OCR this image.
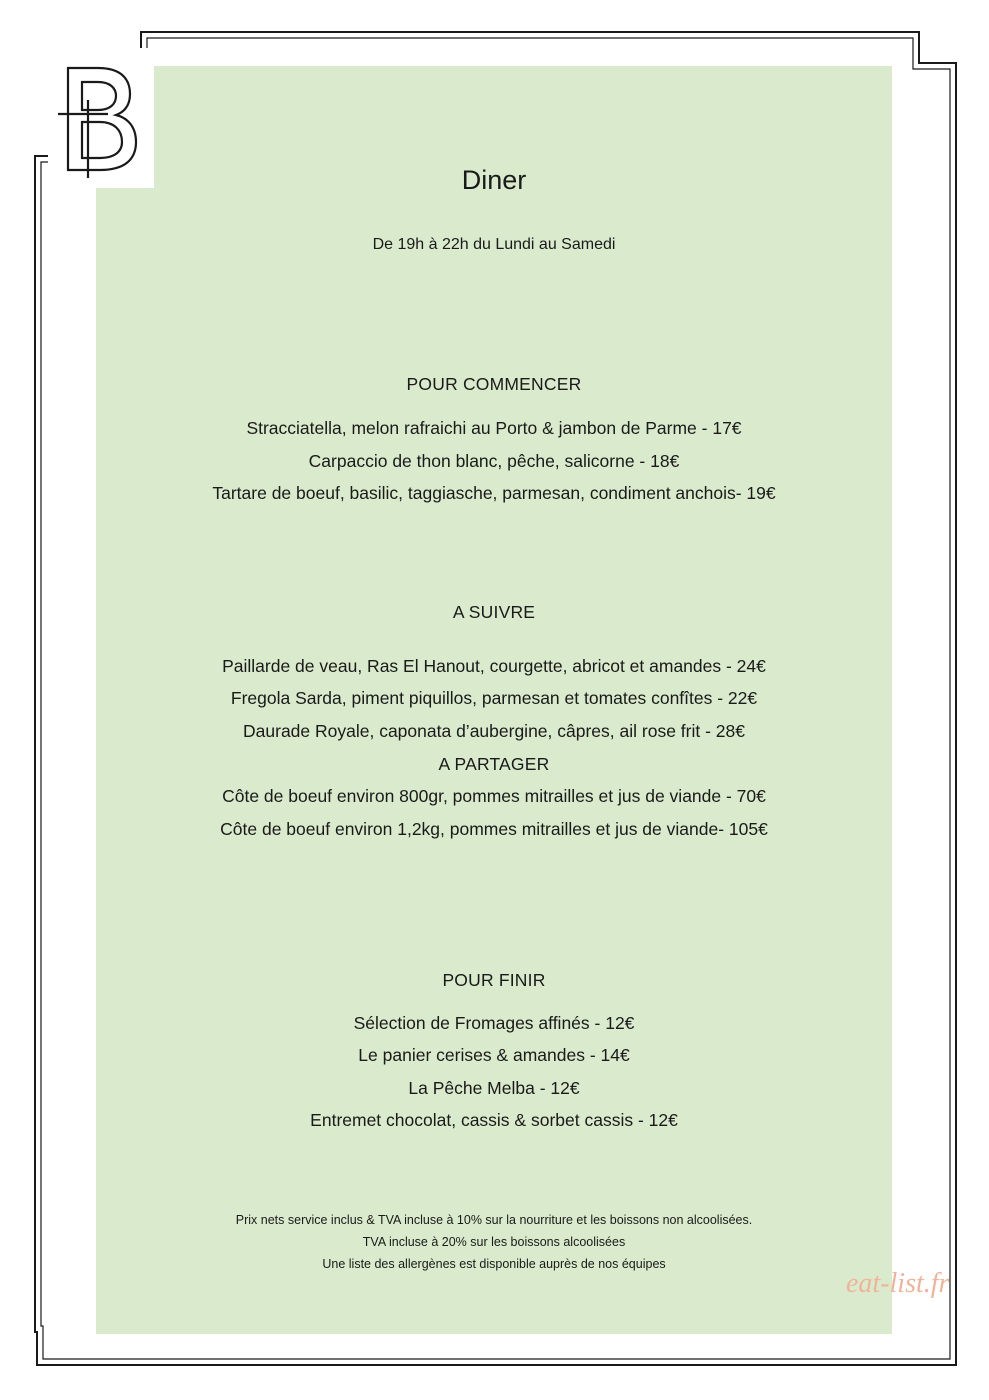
Diner
De 19h à 22h du Lundi au Samedi
POUR COMMENCER
Stracciatella, melon rafraichi au Porto & jambon de Parme - 17€
Carpaccio de thon blanc, pêche, salicorne - 18€
Tartare de boeuf, basilic, taggiasche, parmesan, condiment anchois- 19€
A SUIVRE
Paillarde de veau, Ras El Hanout, courgette, abricot et amandes - 24€
Fregola Sarda, piment piquillos, parmesan et tomates confîtes - 22€
Daurade Royale, caponata d’aubergine, câpres, ail rose frit - 28€
A PARTAGER
Côte de boeuf environ 800gr, pommes mitrailles et jus de viande - 70€
Côte de boeuf environ 1,2kg, pommes mitrailles et jus de viande- 105€
POUR FINIR
Sélection de Fromages affinés - 12€
Le panier cerises & amandes - 14€
La Pêche Melba - 12€
Entremet chocolat, cassis & sorbet cassis - 12€
Prix nets service inclus & TVA incluse à 10% sur la nourriture et les boissons non alcoolisées.
TVA incluse à 20% sur les boissons alcoolisées
Une liste des allergènes est disponible auprès de nos équipes
eat-list.fr
